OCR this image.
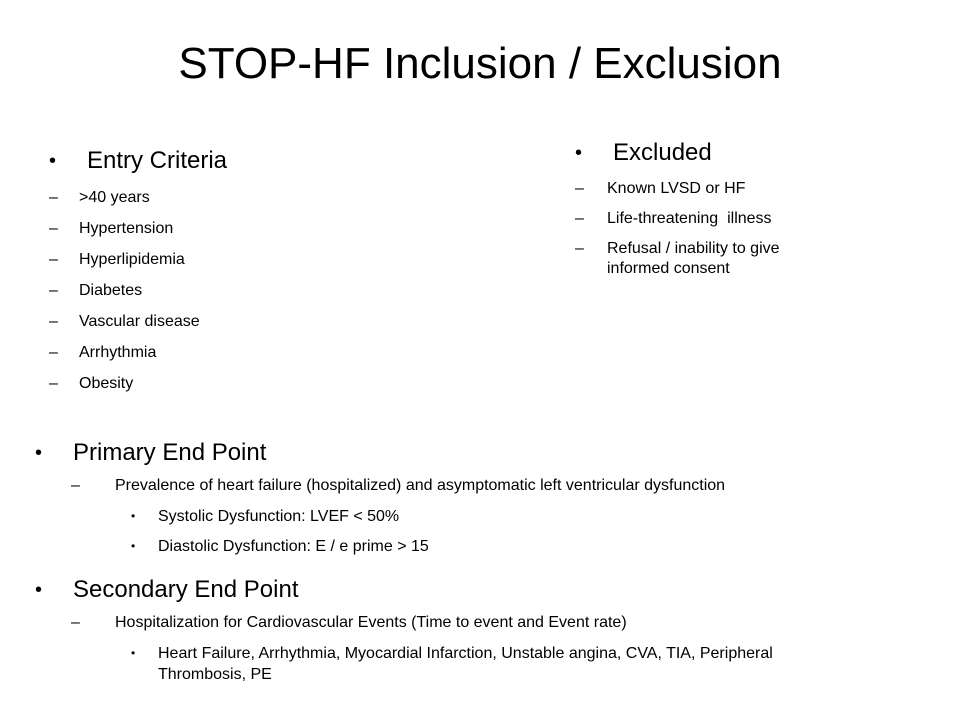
STOP-HF Inclusion / Exclusion
• Entry Criteria
– >40 years
– Hypertension
– Hyperlipidemia
– Diabetes
– Vascular disease
– Arrhythmia
– Obesity
• Excluded
– Known LVSD or HF
– Life-threatening  illness
– Refusal / inability to give informed consent
• Primary End Point
– Prevalence of heart failure (hospitalized) and asymptomatic left ventricular dysfunction
• Systolic Dysfunction: LVEF < 50%
• Diastolic Dysfunction: E / e prime > 15
• Secondary End Point
– Hospitalization for Cardiovascular Events (Time to event and Event rate)
• Heart Failure, Arrhythmia, Myocardial Infarction, Unstable angina, CVA, TIA, Peripheral Thrombosis, PE
